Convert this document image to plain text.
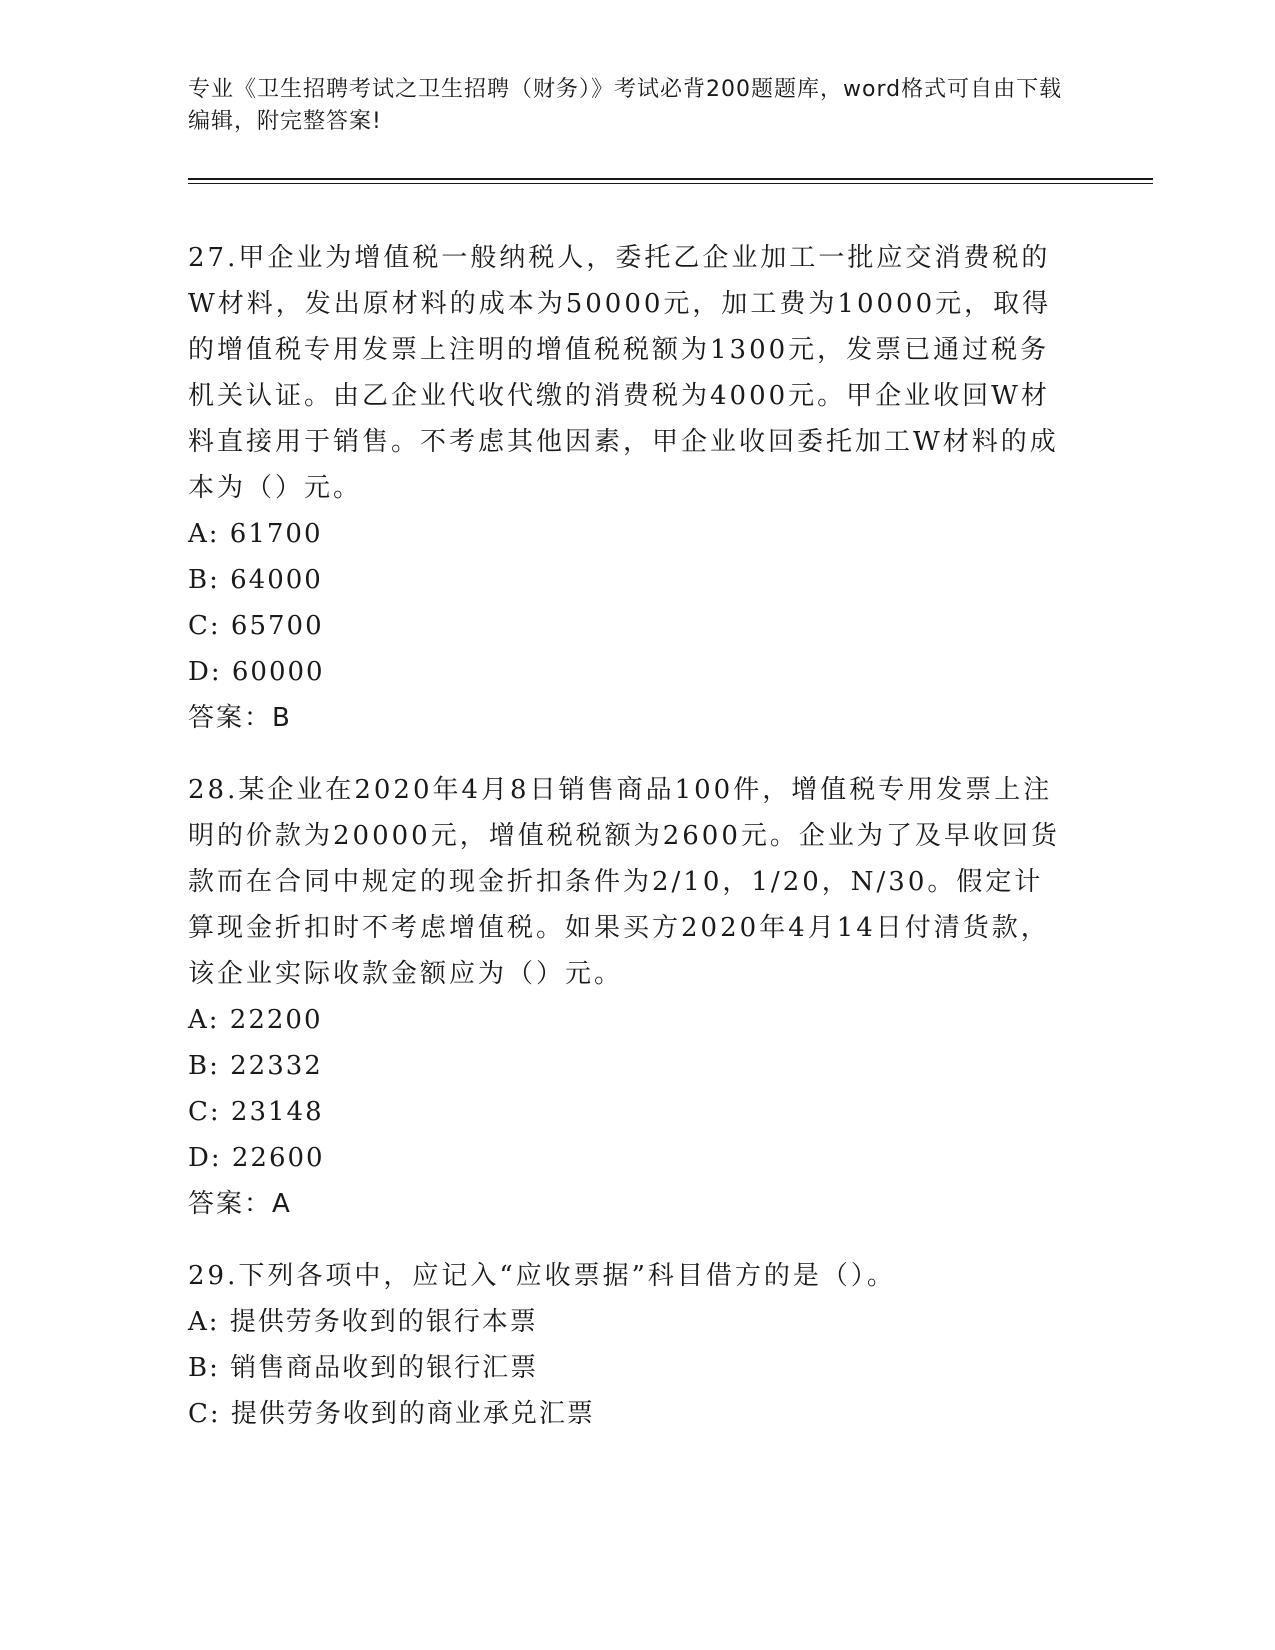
专业《卫生招聘考试之卫生招聘（财务）》考试必背200题题库，word格式可自由下载编辑，附完整答案!

27.甲企业为增值税一般纳税人，委托乙企业加工一批应交消费税的W材料，发出原材料的成本为50000元，加工费为10000元，取得的增值税专用发票上注明的增值税税额为1300元，发票已通过税务机关认证。由乙企业代收代缴的消费税为4000元。甲企业收回W材料直接用于销售。不考虑其他因素，甲企业收回委托加工W材料的成本为（）元。

A: 61700

B: 64000

C: 65700

D: 60000

答案：B

28.某企业在2020年4月8日销售商品100件，增值税专用发票上注明的价款为20000元，增值税税额为2600元。企业为了及早收回货款而在合同中规定的现金折扣条件为2/10，1/20，N/30。假定计算现金折扣时不考虑增值税。如果买方2020年4月14日付清货款，该企业实际收款金额应为（）元。

A: 22200

B: 22332

C: 23148

D: 22600

答案：A

29.下列各项中，应记入“应收票据”科目借方的是（）。

A: 提供劳务收到的银行本票

B: 销售商品收到的银行汇票

C: 提供劳务收到的商业承兑汇票
